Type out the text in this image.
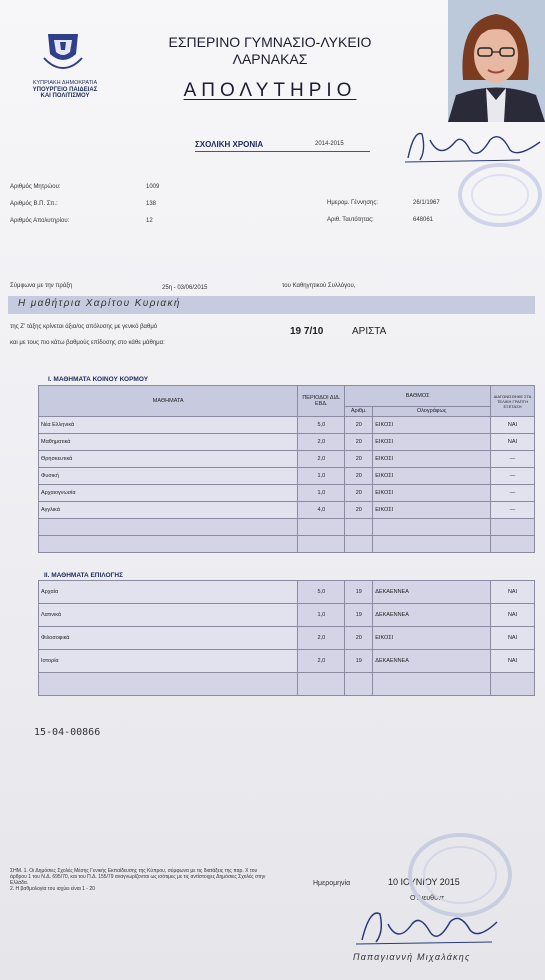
ΚΥΠΡΙΑΚΗ ΔΗΜΟΚΡΑΤΙΑ
ΥΠΟΥΡΓΕΙΟ ΠΑΙΔΕΙΑΣ
ΚΑΙ ΠΟΛΙΤΙΣΜΟΥ
ΕΣΠΕΡΙΝΟ ΓΥΜΝΑΣΙΟ-ΛΥΚΕΙΟ
ΛΑΡΝΑΚΑΣ
ΑΠΟΛΥΤΗΡΙΟ
ΣΧΟΛΙΚΗ ΧΡΟΝΙΑ	2014-2015
Αριθμός Μητρώου:	1009
Αριθμός Β.Π. Σπ.:	138
Αριθμός Απολυτηρίου:	12
Ημερομ. Γέννησης:	26/1/1967
Αριθ. Ταυτότητας:	648061
Σύμφωνα με την πράξη	25η - 03/06/2015	του Καθηγητικού Συλλόγου,
Η μαθήτρια Χαρίτου Κυριακή
της Ζ' τάξης κρίνεται άξια/ος απόλυσης με γενικό βαθμό
και με τους πιο κάτω βαθμούς επίδοσης στο κάθε μάθημα:
19 7/10	ΑΡΙΣΤΑ
Ι. ΜΑΘΗΜΑΤΑ ΚΟΙΝΟΥ ΚΟΡΜΟΥ
ΜΑΘΗΜΑΤΑ	ΠΕΡΙΟΔΟΙ ΔΙΔ. ΕΒΔ.	ΒΑΘΜΟΣ		ΔΙΑΓΩΝΙΣΘΗΚΕ ΣΤΑ ΤΕΛΙΚΗ ΓΡΑΠΤΗ ΕΞΕΤΑΣΗ
		Αριθμ.	Ολογράφως	
Νέα Ελληνικά	5,0	20	ΕΙΚΟΣΙ	ΝΑΙ
Μαθηματικά	2,0	20	ΕΙΚΟΣΙ	ΝΑΙ
Θρησκευτικά	2,0	20	ΕΙΚΟΣΙ	—
Φυσική	1,0	20	ΕΙΚΟΣΙ	—
Αρχαιογνωσία	1,0	20	ΕΙΚΟΣΙ	—
Αγγλικά	4,0	20	ΕΙΚΟΣΙ	—

ΙΙ. ΜΑΘΗΜΑΤΑ ΕΠΙΛΟΓΗΣ
Αρχαία	5,0	19	ΔΕΚΑΕΝΝΕΑ	ΝΑΙ
Λατινικά	1,0	19	ΔΕΚΑΕΝΝΕΑ	ΝΑΙ
Φιλοσοφικά	2,0	20	ΕΙΚΟΣΙ	ΝΑΙ
Ιστορία	2,0	19	ΔΕΚΑΕΝΝΕΑ	ΝΑΙ

15-04-00866
ΣΗΜ. 1. Οι Δημόσιες Σχολές Μέσης Γενικής Εκπαίδευσης της Κύπρου, σύμφωνα με τις διατάξεις της παρ. Χ του άρθρου 1 του Ν.Δ. 695/70, και του Π.Δ. 155/79 αναγνωρίζονται ως ισότιμες με τις αντίστοιχες Δημόσιες Σχολές στην Ελλάδα.
2. Η βαθμολογία του ισχύει είναι 1 - 20
Ημερομηνία	10 ΙΟΥΝΙΟΥ 2015
Ο Διευθυντ
Παπαγιαννή Μιχαλάκης
